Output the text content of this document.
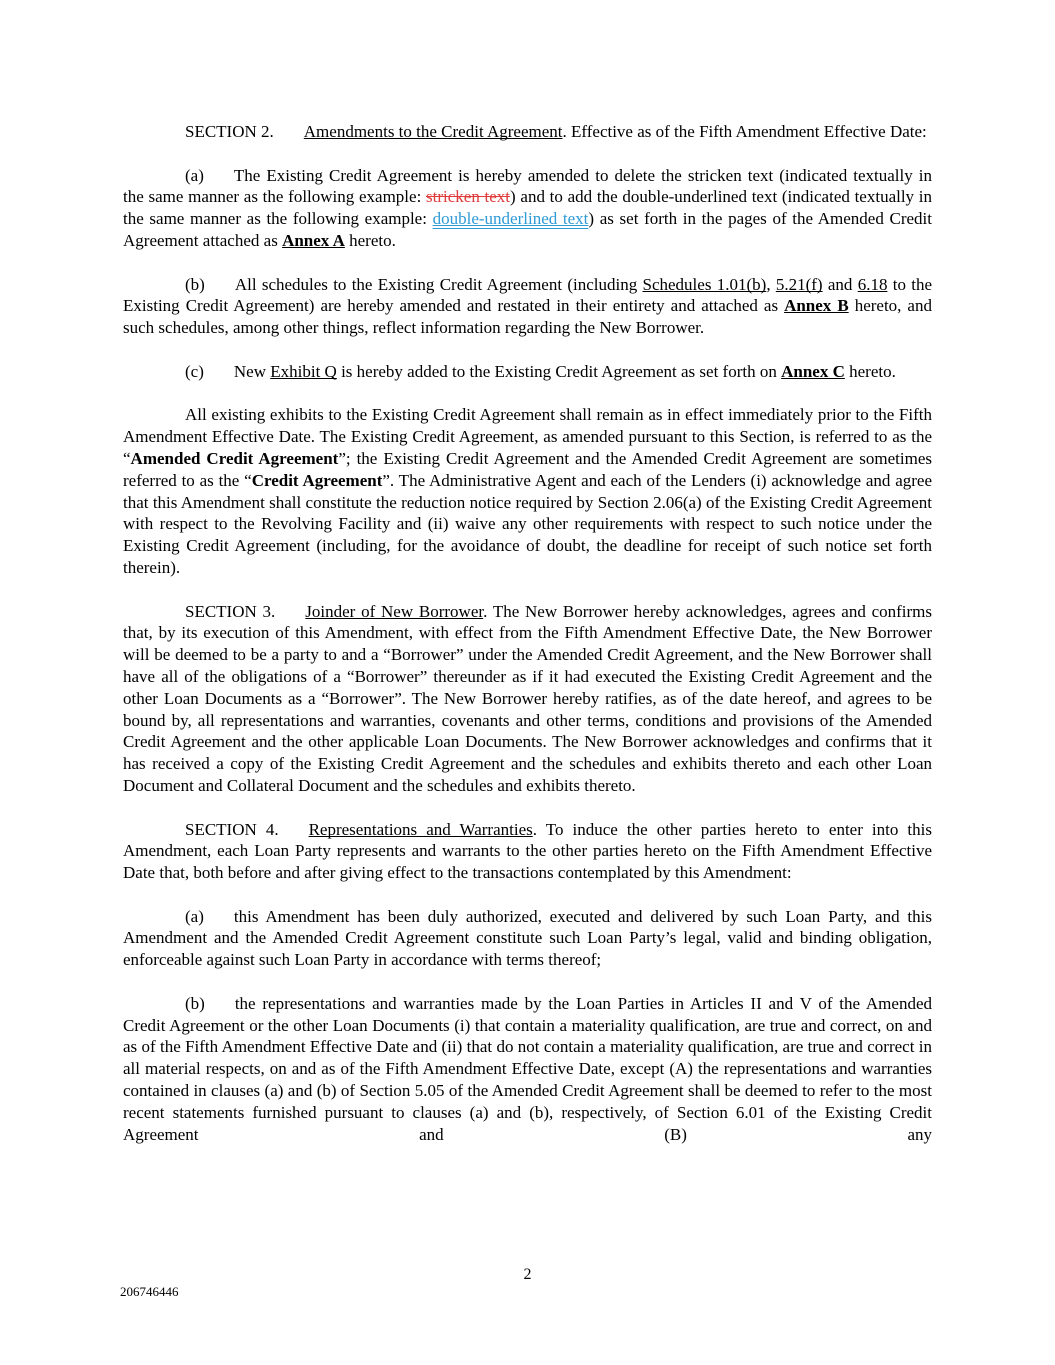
SECTION 2. Amendments to the Credit Agreement. Effective as of the Fifth Amendment Effective Date:

(a) The Existing Credit Agreement is hereby amended to delete the stricken text (indicated textually in the same manner as the following example: stricken text) and to add the double-underlined text (indicated textually in the same manner as the following example: double-underlined text) as set forth in the pages of the Amended Credit Agreement attached as Annex A hereto.

(b) All schedules to the Existing Credit Agreement (including Schedules 1.01(b), 5.21(f) and 6.18 to the Existing Credit Agreement) are hereby amended and restated in their entirety and attached as Annex B hereto, and such schedules, among other things, reflect information regarding the New Borrower.

(c) New Exhibit Q is hereby added to the Existing Credit Agreement as set forth on Annex C hereto.

All existing exhibits to the Existing Credit Agreement shall remain as in effect immediately prior to the Fifth Amendment Effective Date. The Existing Credit Agreement, as amended pursuant to this Section, is referred to as the “Amended Credit Agreement”; the Existing Credit Agreement and the Amended Credit Agreement are sometimes referred to as the “Credit Agreement”. The Administrative Agent and each of the Lenders (i) acknowledge and agree that this Amendment shall constitute the reduction notice required by Section 2.06(a) of the Existing Credit Agreement with respect to the Revolving Facility and (ii) waive any other requirements with respect to such notice under the Existing Credit Agreement (including, for the avoidance of doubt, the deadline for receipt of such notice set forth therein).

SECTION 3. Joinder of New Borrower. The New Borrower hereby acknowledges, agrees and confirms that, by its execution of this Amendment, with effect from the Fifth Amendment Effective Date, the New Borrower will be deemed to be a party to and a “Borrower” under the Amended Credit Agreement, and the New Borrower shall have all of the obligations of a “Borrower” thereunder as if it had executed the Existing Credit Agreement and the other Loan Documents as a “Borrower”. The New Borrower hereby ratifies, as of the date hereof, and agrees to be bound by, all representations and warranties, covenants and other terms, conditions and provisions of the Amended Credit Agreement and the other applicable Loan Documents. The New Borrower acknowledges and confirms that it has received a copy of the Existing Credit Agreement and the schedules and exhibits thereto and each other Loan Document and Collateral Document and the schedules and exhibits thereto.

SECTION 4. Representations and Warranties. To induce the other parties hereto to enter into this Amendment, each Loan Party represents and warrants to the other parties hereto on the Fifth Amendment Effective Date that, both before and after giving effect to the transactions contemplated by this Amendment:

(a) this Amendment has been duly authorized, executed and delivered by such Loan Party, and this Amendment and the Amended Credit Agreement constitute such Loan Party’s legal, valid and binding obligation, enforceable against such Loan Party in accordance with terms thereof;

(b) the representations and warranties made by the Loan Parties in Articles II and V of the Amended Credit Agreement or the other Loan Documents (i) that contain a materiality qualification, are true and correct, on and as of the Fifth Amendment Effective Date and (ii) that do not contain a materiality qualification, are true and correct in all material respects, on and as of the Fifth Amendment Effective Date, except (A) the representations and warranties contained in clauses (a) and (b) of Section 5.05 of the Amended Credit Agreement shall be deemed to refer to the most recent statements furnished pursuant to clauses (a) and (b), respectively, of Section 6.01 of the Existing Credit Agreement and (B) any

2
206746446
